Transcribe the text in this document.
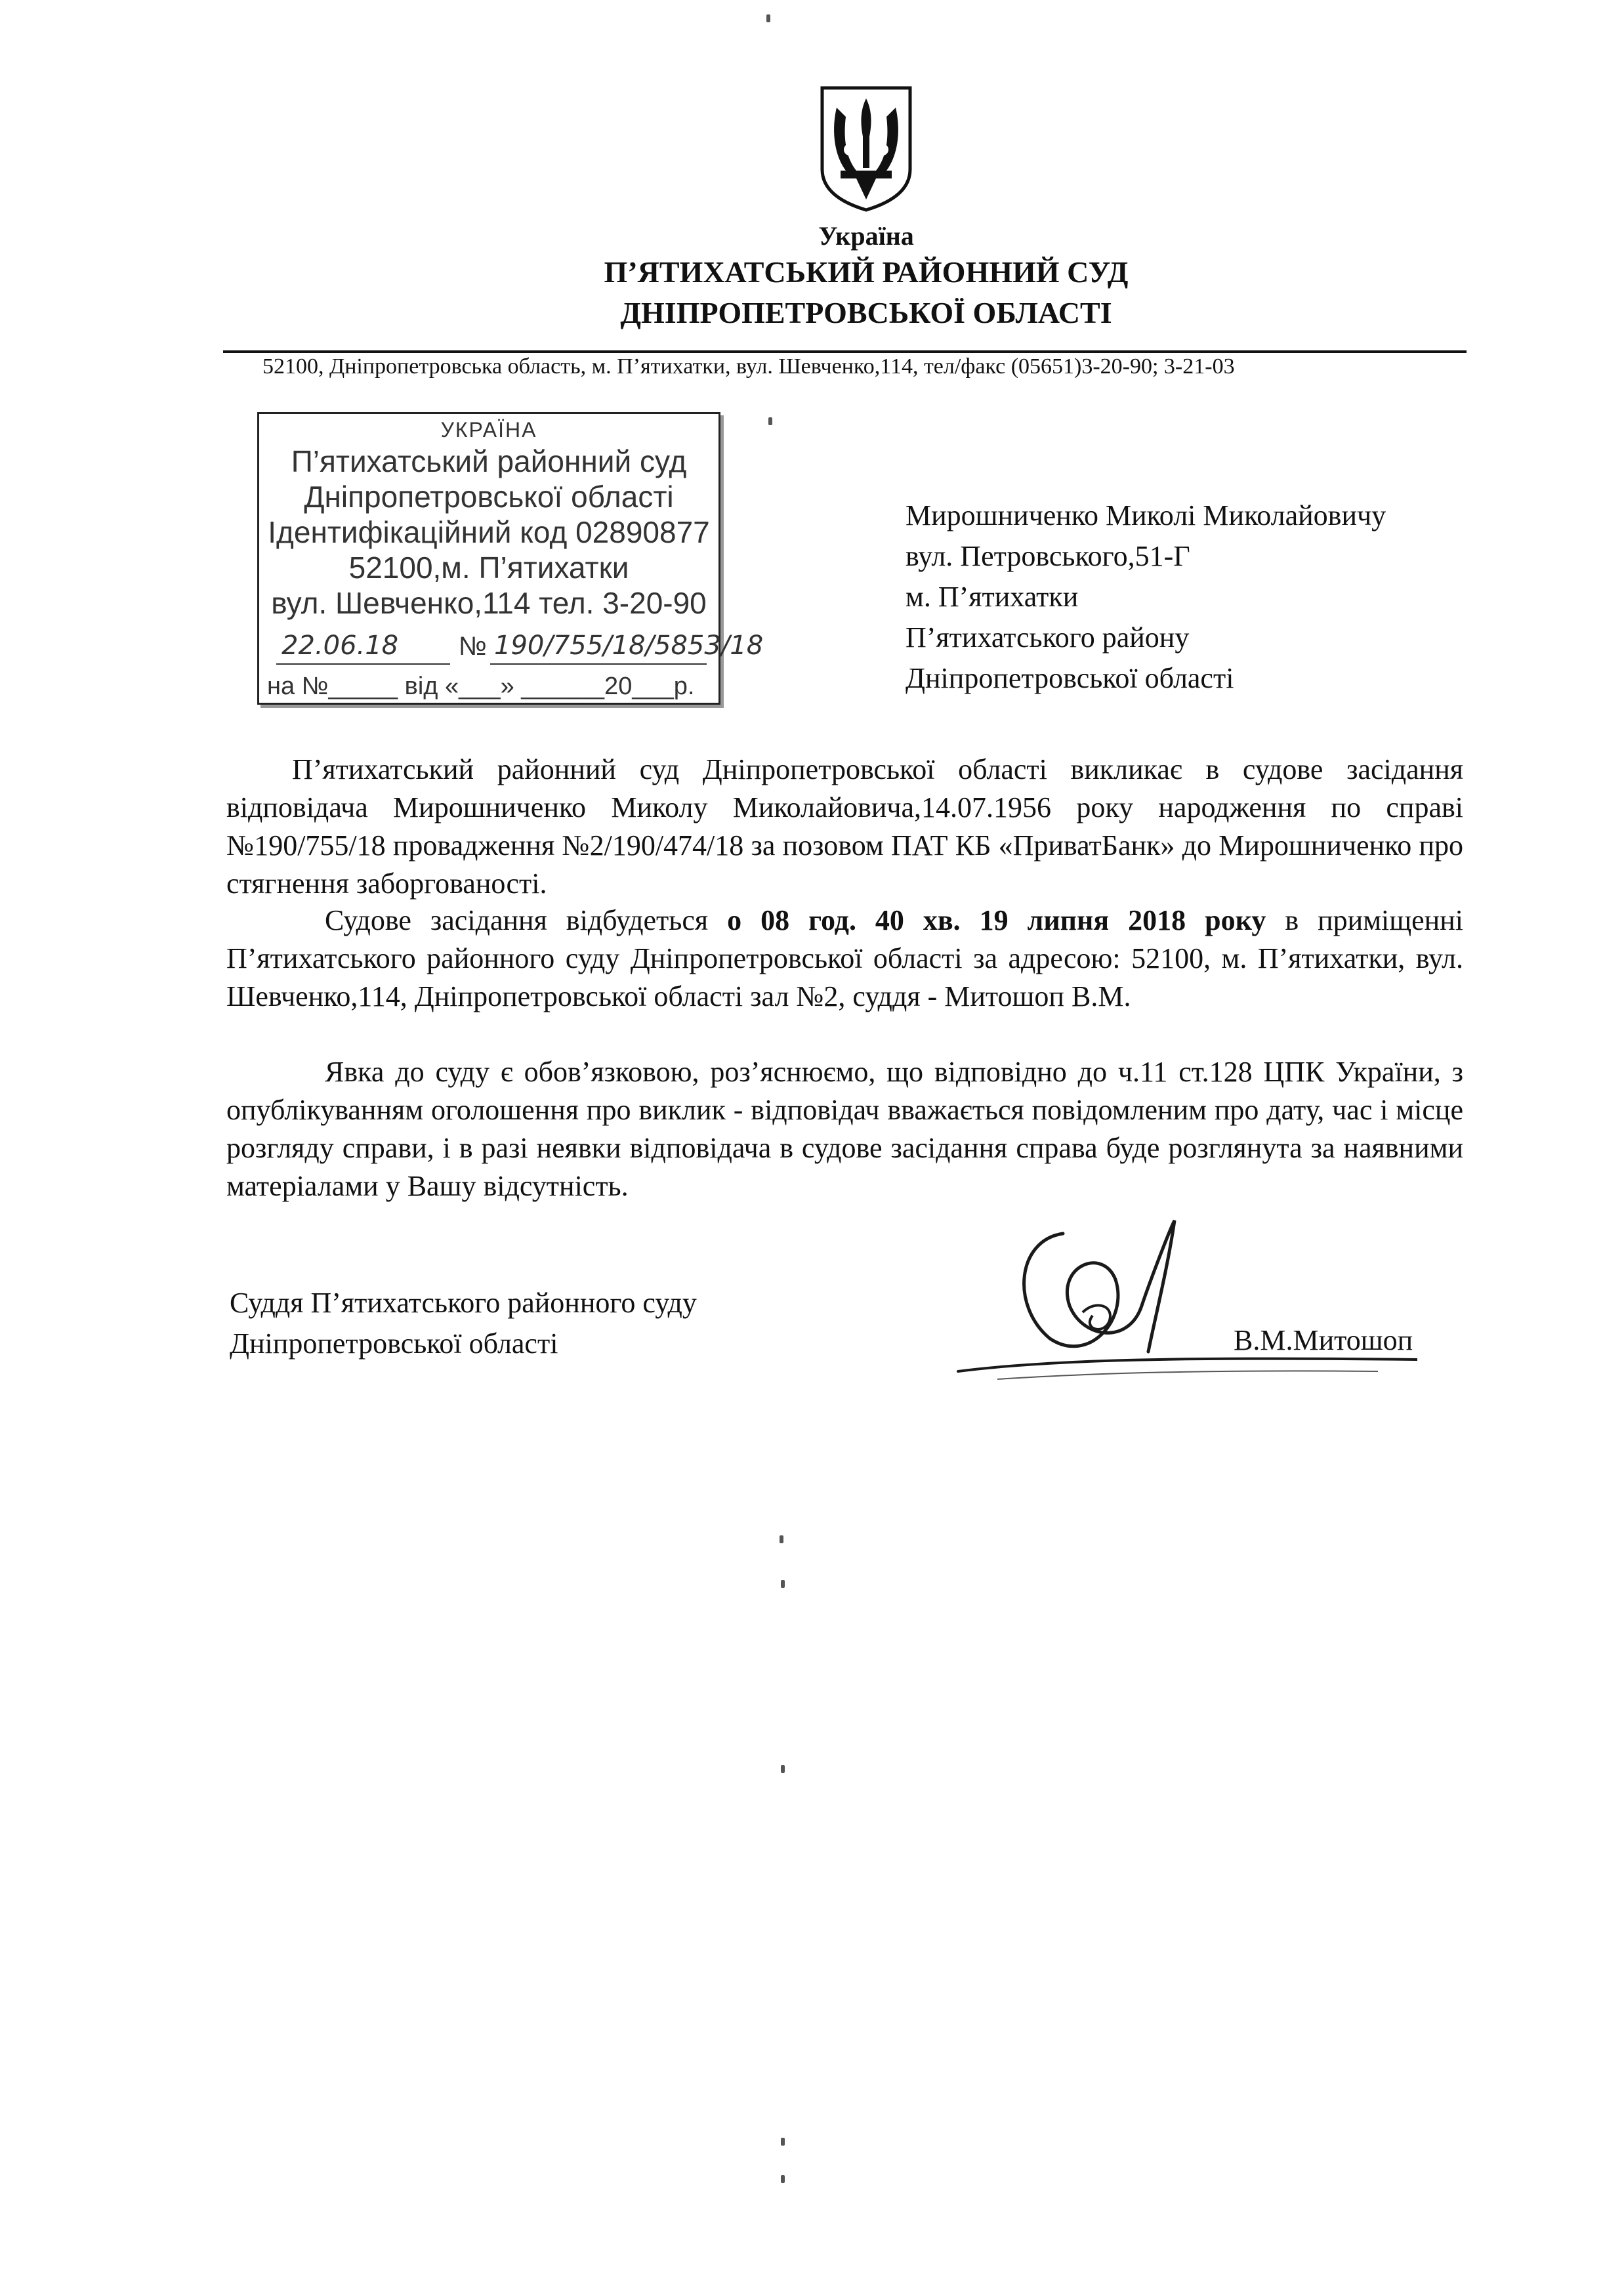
Україна
П’ЯТИХАТСЬКИЙ РАЙОННИЙ СУД
ДНІПРОПЕТРОВСЬКОЇ ОБЛАСТІ
52100, Дніпропетровська область, м. П’ятихатки, вул. Шевченко,114, тел/факс (05651)3-20-90; 3-21-03
УКРАЇНА
П’ятихатський районний суд
Дніпропетровської області
Ідентифікаційний код 02890877
52100,м. П’ятихатки
вул. Шевченко,114 тел. 3-20-90
22.06.18 № 190/755/18/5853/18
на №_____ від «___» ______20___р.
Мирошниченко Миколі Миколайовичу
вул. Петровського,51-Г
м. П’ятихатки
П’ятихатського району
Дніпропетровської області
П’ятихатський районний суд Дніпропетровської області викликає в судове засідання відповідача Мирошниченко Миколу Миколайовича,14.07.1956 року народження по справі №190/755/18 провадження №2/190/474/18 за позовом ПАТ КБ «ПриватБанк» до Мирошниченко про стягнення заборгованості.
Судове засідання відбудеться о 08 год. 40 хв. 19 липня 2018 року в приміщенні П’ятихатського районного суду Дніпропетровської області за адресою: 52100, м. П’ятихатки, вул. Шевченко,114, Дніпропетровської області зал №2, суддя - Митошоп В.М.
Явка до суду є обов’язковою, роз’яснюємо, що відповідно до ч.11 ст.128 ЦПК України, з опублікуванням оголошення про виклик - відповідач вважається повідомленим про дату, час і місце розгляду справи, і в разі неявки відповідача в судове засідання справа буде розглянута за наявними матеріалами у Вашу відсутність.
Суддя П’ятихатського районного суду
Дніпропетровської області	В.М.Митошоп
